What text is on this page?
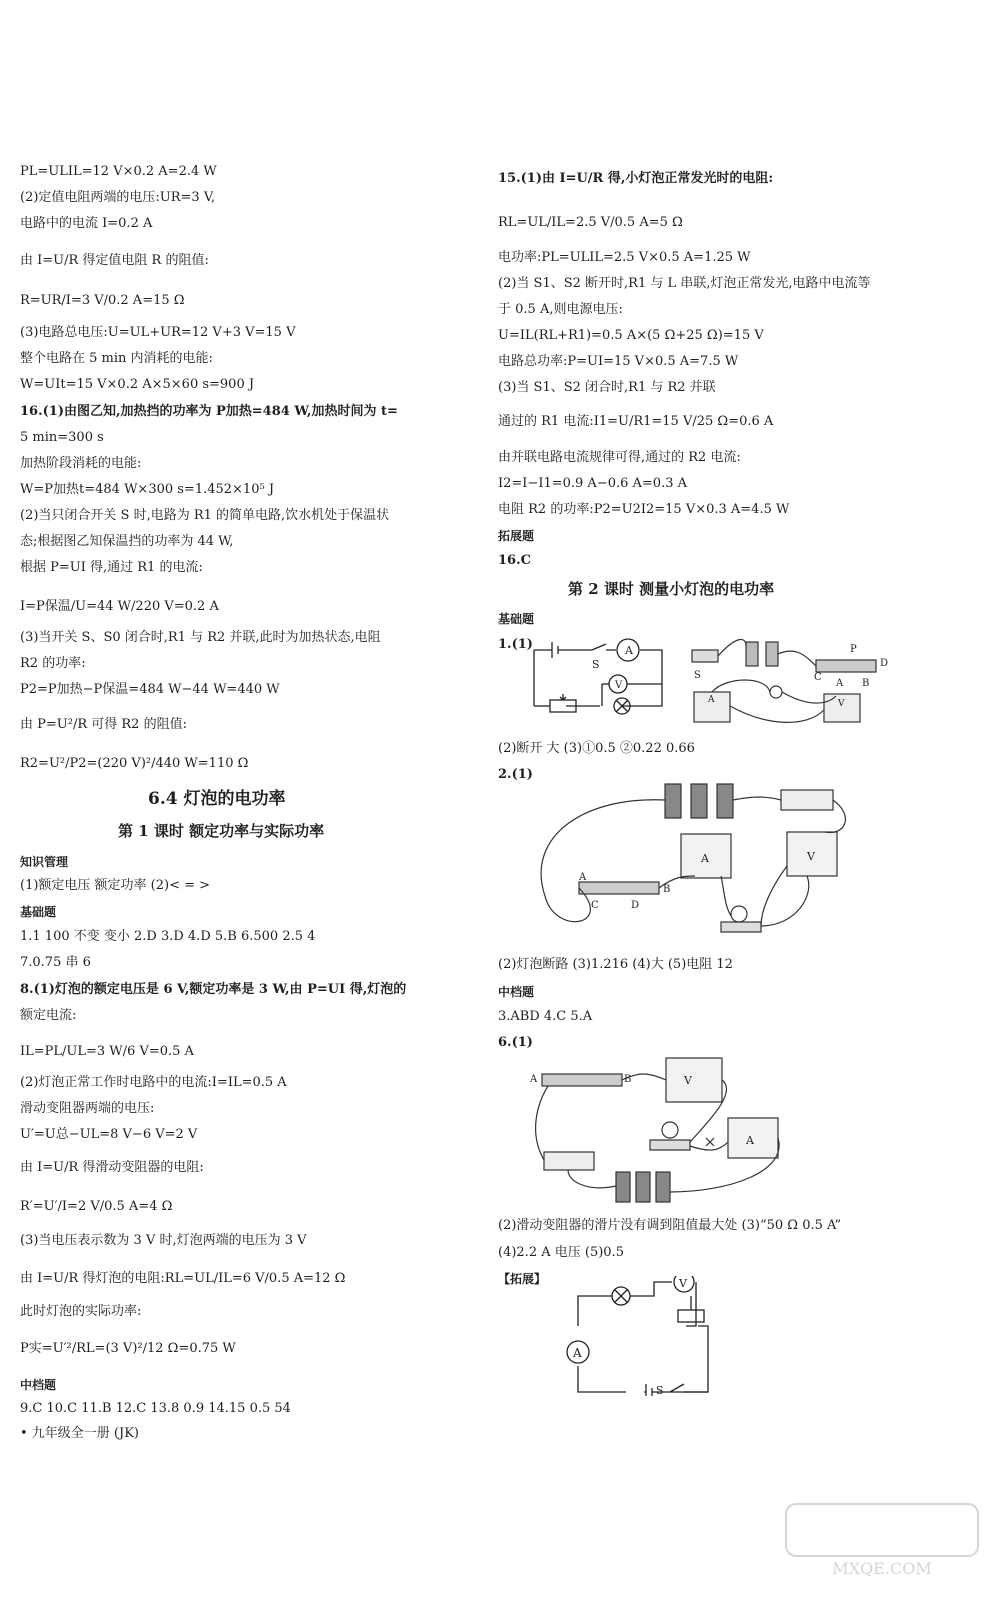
PL=ULIL=12 V×0.2 A=2.4 W
(2)定值电阻两端的电压:UR=3 V,
电路中的电流 I=0.2 A
由 I=U/R 得定值电阻 R 的阻值:
R=UR/I=3 V/0.2 A=15 Ω
(3)电路总电压:U=UL+UR=12 V+3 V=15 V
整个电路在 5 min 内消耗的电能:
W=UIt=15 V×0.2 A×5×60 s=900 J
16.(1)由图乙知,加热挡的功率为 P加热=484 W,加热时间为 t=
5 min=300 s
加热阶段消耗的电能:
W=P加热t=484 W×300 s=1.452×10⁵ J
(2)当只闭合开关 S 时,电路为 R1 的简单电路,饮水机处于保温状
态;根据图乙知保温挡的功率为 44 W,
根据 P=UI 得,通过 R1 的电流:
I=P保温/U=44 W/220 V=0.2 A
(3)当开关 S、S0 闭合时,R1 与 R2 并联,此时为加热状态,电阻
R2 的功率:
P2=P加热−P保温=484 W−44 W=440 W
由 P=U²/R 可得 R2 的阻值:
R2=U²/P2=(220 V)²/440 W=110 Ω
知识管理
(1)额定电压 额定功率 (2)< = >
基础题
1.1 100 不变 变小 2.D 3.D 4.D 5.B 6.500 2.5 4
7.0.75 串 6
8.(1)灯泡的额定电压是 6 V,额定功率是 3 W,由 P=UI 得,灯泡的
额定电流:
IL=PL/UL=3 W/6 V=0.5 A
(2)灯泡正常工作时电路中的电流:I=IL=0.5 A
滑动变阻器两端的电压:
U′=U总−UL=8 V−6 V=2 V
由 I=U/R 得滑动变阻器的电阻:
R′=U′/I=2 V/0.5 A=4 Ω
(3)当电压表示数为 3 V 时,灯泡两端的电压为 3 V
由 I=U/R 得灯泡的电阻:RL=UL/IL=6 V/0.5 A=12 Ω
此时灯泡的实际功率:
P实=U′²/RL=(3 V)²/12 Ω=0.75 W
中档题
9.C 10.C 11.B 12.C 13.8 0.9 14.15 0.5 54
• 九年级全一册 (JK)
15.(1)由 I=U/R 得,小灯泡正常发光时的电阻:
RL=UL/IL=2.5 V/0.5 A=5 Ω
电功率:PL=ULIL=2.5 V×0.5 A=1.25 W
(2)当 S1、S2 断开时,R1 与 L 串联,灯泡正常发光,电路中电流等
于 0.5 A,则电源电压:
U=IL(RL+R1)=0.5 A×(5 Ω+25 Ω)=15 V
电路总功率:P=UI=15 V×0.5 A=7.5 W
(3)当 S1、S2 闭合时,R1 与 R2 并联
通过的 R1 电流:I1=U/R1=15 V/25 Ω=0.6 A
由并联电路电流规律可得,通过的 R2 电流:
I2=I−I1=0.9 A−0.6 A=0.3 A
电阻 R2 的功率:P2=U2I2=15 V×0.3 A=4.5 W
拓展题
16.C
基础题
1.(1)
(2)断开 大 (3)①0.5 ②0.22 0.66
2.(1)
(2)灯泡断路 (3)1.216 (4)大 (5)电阻 12
中档题
3.ABD 4.C 5.A
6.(1)
(2)滑动变阻器的滑片没有调到阻值最大处 (3)“50 Ω 0.5 A”
(4)2.2 A 电压 (5)0.5
【拓展】
6.4 灯泡的电功率
第 1 课时 额定功率与实际功率
第 2 课时 测量小灯泡的电功率
A
V
S
S
A	V
P
C
D
A B
A	V
A
B
C	D
V
A
A	B
A
V
S
MXQE.COM
